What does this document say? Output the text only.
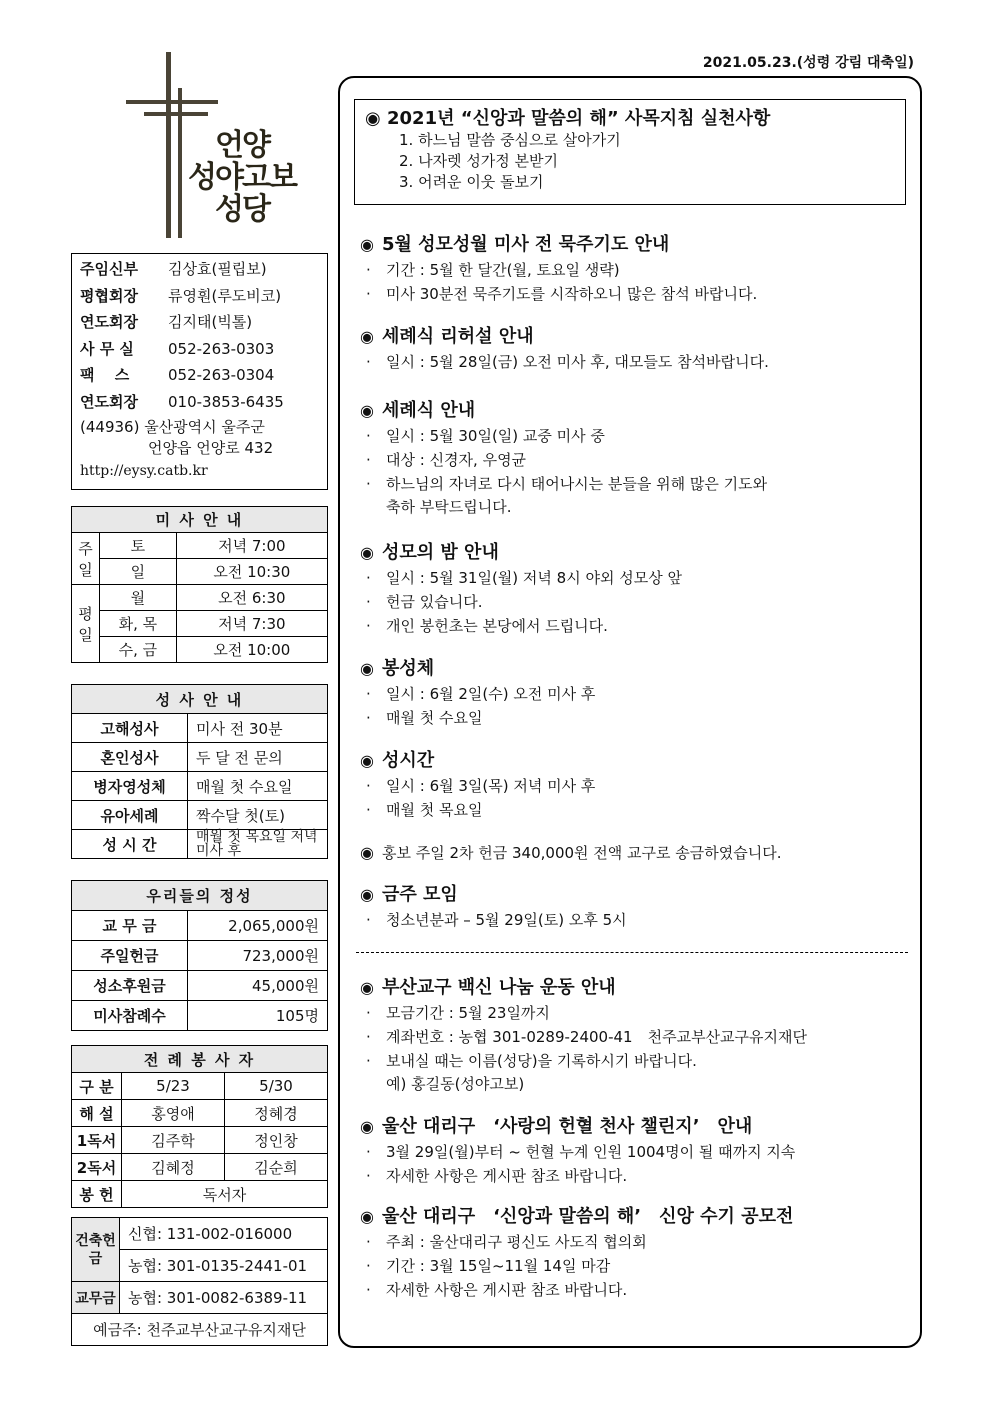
2021.05.23.(성령 강림 대축일)
언양
성야고보
성당
주임신부 김상효(필립보)
평협회장 류영훤(루도비코)
연도회장 김지태(빅톨)
사 무 실 052-263-0303
팩　 스	052-263-0304
연도회장 010-3853-6435
(44936) 울산광역시 울주군
언양읍 언양로 432
http://eysy.catb.kr
미 사 안 내		
주일	토	저녁 7:00
	일	오전 10:30
평일	월	오전 6:30
	화, 목	저녁 7:30
	수, 금	오전 10:00
성 사 안 내	
고해성사	미사 전 30분
혼인성사	두 달 전 문의
병자영성체	매월 첫 수요일
유아세례	짝수달 첫(토)
성 시 간	매월 첫 목요일 저녁미사 후
우리들의 정성	
교 무 금	2,065,000원
주일헌금	723,000원
성소후원금	45,000원
미사참례수	105명
전 례 봉 사 자		
구 분	5/23	5/30
해 설	홍영애	정혜경
1독서	김주학	정인창
2독서	김혜정	김순희
봉 헌	독서자	
건축헌금	신협: 131-002-016000
	농협: 301-0135-2441-01
교무금	농협: 301-0082-6389-11
예금주: 천주교부산교구유지재단	
◉ 2021년 “신앙과 말씀의 해” 사목지침 실천사항
1. 하느님 말씀 중심으로 살아가기
2. 나자렛 성가정 본받기
3. 어려운 이웃 돌보기
◉ 5월 성모성월 미사 전 묵주기도 안내
· 기간 : 5월 한 달간(월, 토요일 생략)
· 미사 30분전 묵주기도를 시작하오니 많은 참석 바랍니다.
◉ 세례식 리허설 안내
· 일시 : 5월 28일(금) 오전 미사 후, 대모들도 참석바랍니다.
◉ 세례식 안내
· 일시 : 5월 30일(일) 교중 미사 중
· 대상 : 신경자, 우영균
· 하느님의 자녀로 다시 태어나시는 분들을 위해 많은 기도와
축하 부탁드립니다.
◉ 성모의 밤 안내
· 일시 : 5월 31일(월) 저녁 8시 야외 성모상 앞
· 헌금 있습니다.
· 개인 봉헌초는 본당에서 드립니다.
◉ 봉성체
· 일시 : 6월 2일(수) 오전 미사 후
· 매월 첫 수요일
◉ 성시간
· 일시 : 6월 3일(목) 저녁 미사 후
· 매월 첫 목요일
◉ 홍보 주일 2차 헌금 340,000원 전액 교구로 송금하였습니다.
◉ 금주 모임
· 청소년분과 – 5월 29일(토) 오후 5시
◉ 부산교구 백신 나눔 운동 안내
· 모금기간 : 5월 23일까지
· 계좌번호 : 농협 301-0289-2400-41　천주교부산교구유지재단
· 보내실 때는 이름(성당)을 기록하시기 바랍니다.
예) 홍길동(성야고보)
◉ 울산 대리구　‘사랑의 헌혈 천사 챌린지’　안내
· 3월 29일(월)부터 ~ 헌혈 누계 인원 1004명이 될 때까지 지속
· 자세한 사항은 게시판 참조 바랍니다.
◉ 울산 대리구　‘신앙과 말씀의 해’　신앙 수기 공모전
· 주최 : 울산대리구 평신도 사도직 협의회
· 기간 : 3월 15일~11월 14일 마감
· 자세한 사항은 게시판 참조 바랍니다.
